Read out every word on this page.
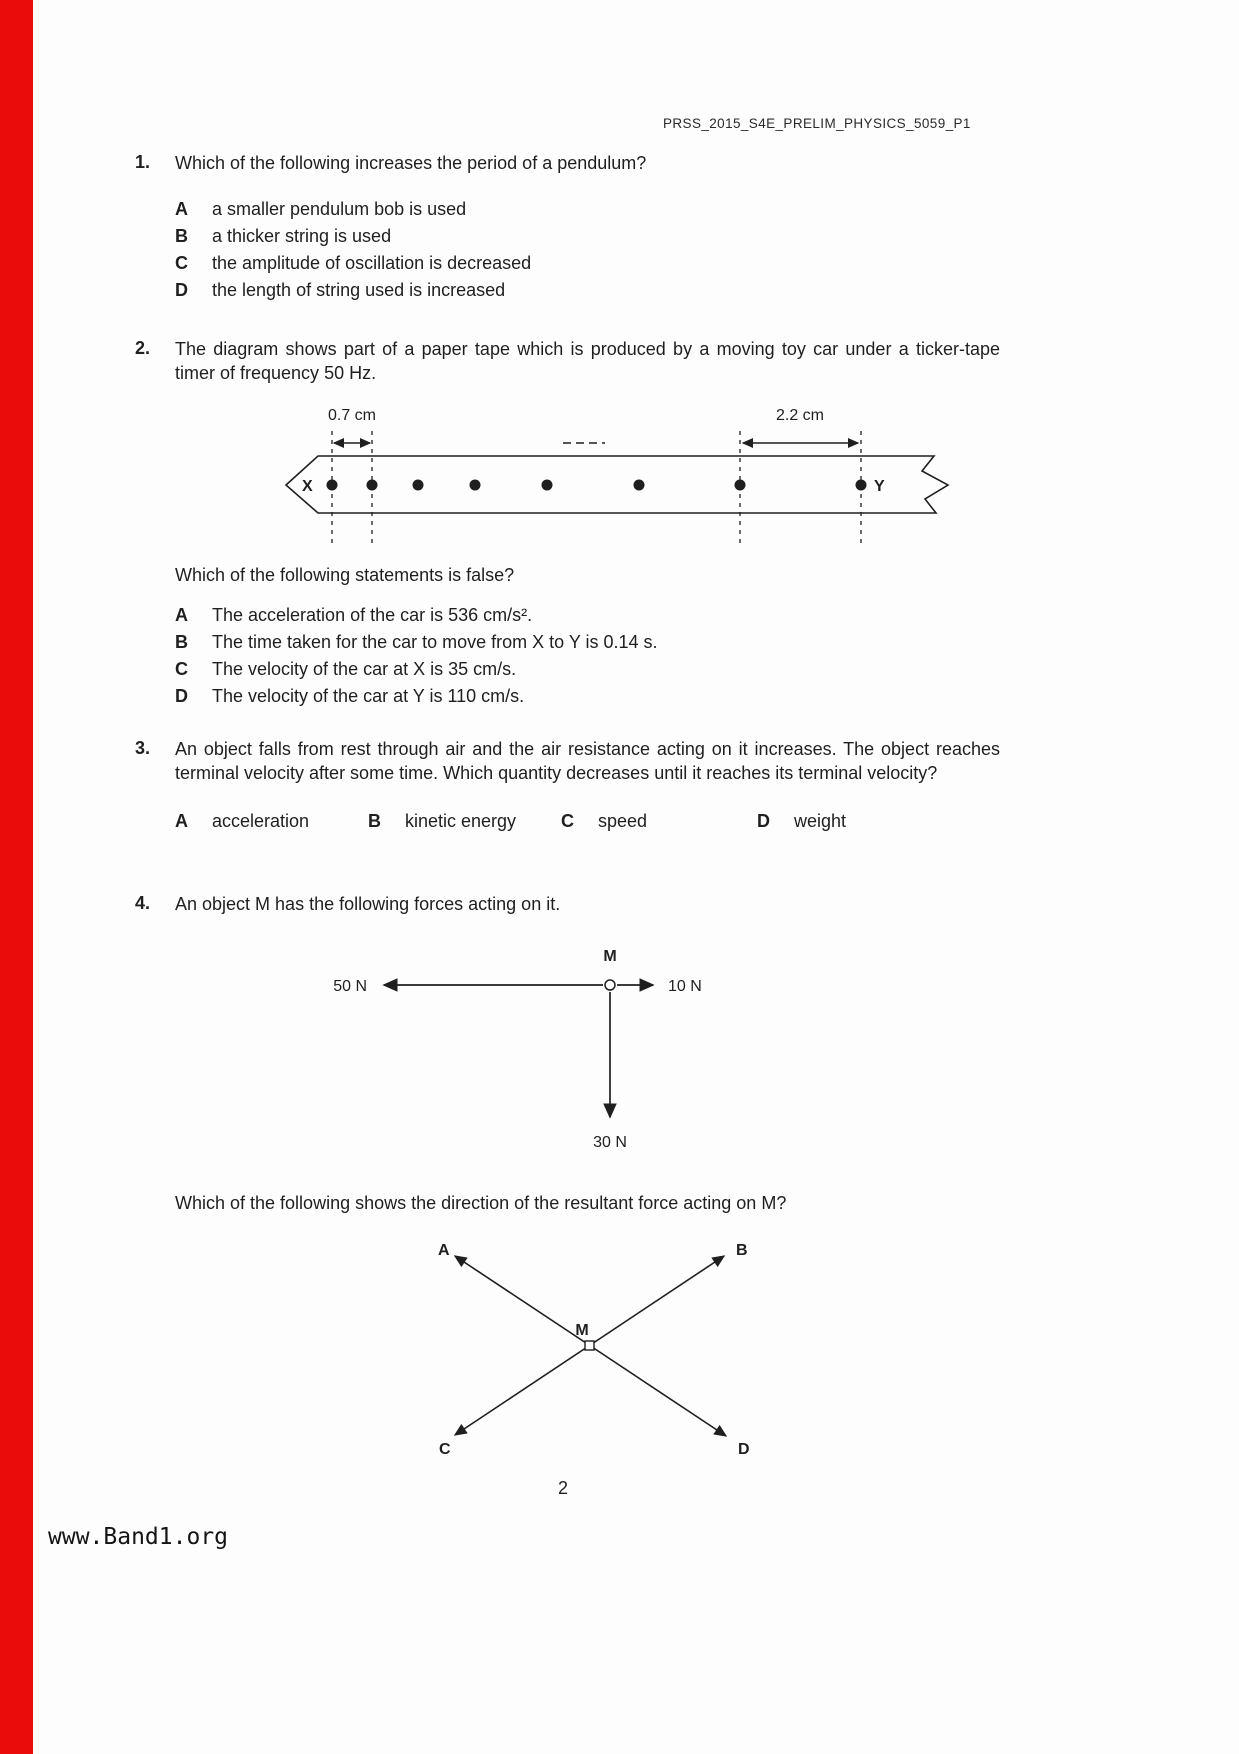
PRSS_2015_S4E_PRELIM_PHYSICS_5059_P1
1.	Which of the following increases the period of a pendulum?

A	a smaller pendulum bob is used
B	a thicker string is used
C	the amplitude of oscillation is decreased
D	the length of string used is increased
2.	The diagram shows part of a paper tape which is produced by a moving toy car under a ticker-tape timer of frequency 50 Hz.

0.7 cm	2.2 cm
X	Y

Which of the following statements is false?

A	The acceleration of the car is 536 cm/s².
B	The time taken for the car to move from X to Y is 0.14 s.
C	The velocity of the car at X is 35 cm/s.
D	The velocity of the car at Y is 110 cm/s.
3.	An object falls from rest through air and the air resistance acting on it increases. The object reaches terminal velocity after some time. Which quantity decreases until it reaches its terminal velocity?

A	acceleration	B	kinetic energy	C	speed	D	weight
4.	An object M has the following forces acting on it.

M
50 N	10 N
30 N

Which of the following shows the direction of the resultant force acting on M?

M
A	B
C	D
2
www.Band1.org
